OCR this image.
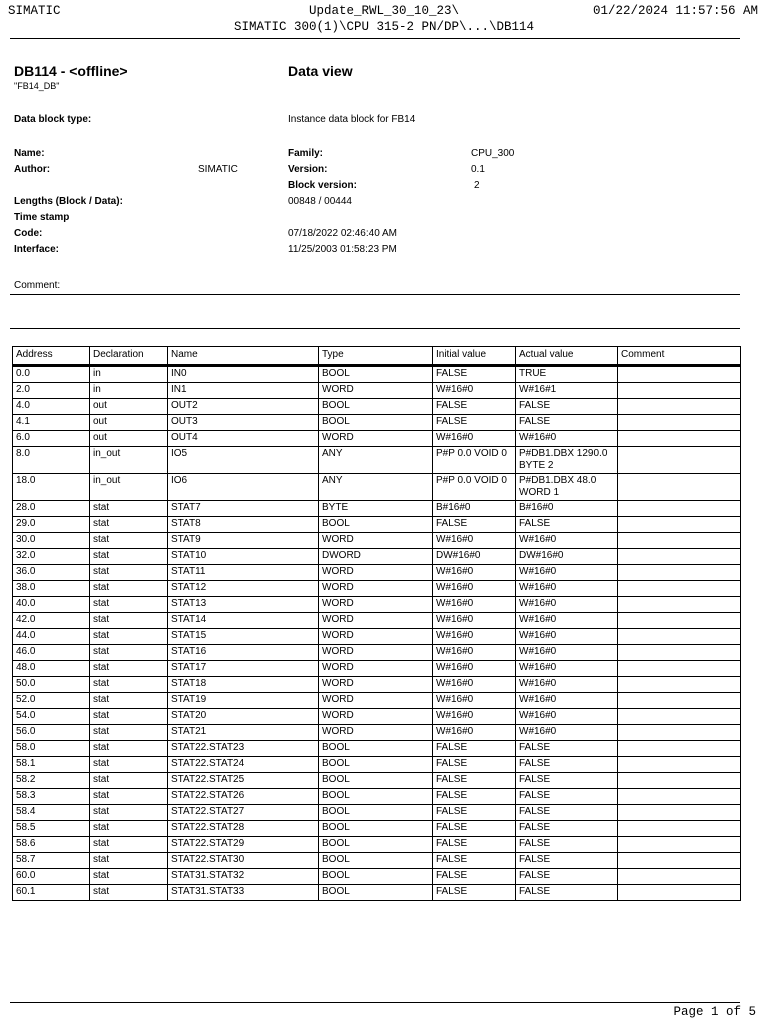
SIMATIC	Update_RWL_30_10_23\
SIMATIC 300(1)\CPU 315-2 PN/DP\...\DB114
01/22/2024 11:57:56 AM
DB114 - <offline>
"FB14_DB"
Data view
Data block type:	Instance data block for FB14
Name:	Family:	CPU_300
Author:	SIMATIC	Version:	0.1
Block version:	2
Lengths (Block / Data):	00848 / 00444
Time stamp
Code:	07/18/2022 02:46:40 AM
Interface:	11/25/2003 01:58:23 PM
Comment:
Address	Declaration	Name	Type	Initial value	Actual value	Comment
0.0	in	IN0	BOOL	FALSE	TRUE	
2.0	in	IN1	WORD	W#16#0	W#16#1	
4.0	out	OUT2	BOOL	FALSE	FALSE	
4.1	out	OUT3	BOOL	FALSE	FALSE	
6.0	out	OUT4	WORD	W#16#0	W#16#0	
8.0	in_out	IO5	ANY	P#P 0.0 VOID 0	P#DB1.DBX 1290.0 BYTE 2	
18.0	in_out	IO6	ANY	P#P 0.0 VOID 0	P#DB1.DBX 48.0 WORD 1	
28.0	stat	STAT7	BYTE	B#16#0	B#16#0	
29.0	stat	STAT8	BOOL	FALSE	FALSE	
30.0	stat	STAT9	WORD	W#16#0	W#16#0	
32.0	stat	STAT10	DWORD	DW#16#0	DW#16#0	
36.0	stat	STAT11	WORD	W#16#0	W#16#0	
38.0	stat	STAT12	WORD	W#16#0	W#16#0	
40.0	stat	STAT13	WORD	W#16#0	W#16#0	
42.0	stat	STAT14	WORD	W#16#0	W#16#0	
44.0	stat	STAT15	WORD	W#16#0	W#16#0	
46.0	stat	STAT16	WORD	W#16#0	W#16#0	
48.0	stat	STAT17	WORD	W#16#0	W#16#0	
50.0	stat	STAT18	WORD	W#16#0	W#16#0	
52.0	stat	STAT19	WORD	W#16#0	W#16#0	
54.0	stat	STAT20	WORD	W#16#0	W#16#0	
56.0	stat	STAT21	WORD	W#16#0	W#16#0	
58.0	stat	STAT22.STAT23	BOOL	FALSE	FALSE	
58.1	stat	STAT22.STAT24	BOOL	FALSE	FALSE	
58.2	stat	STAT22.STAT25	BOOL	FALSE	FALSE	
58.3	stat	STAT22.STAT26	BOOL	FALSE	FALSE	
58.4	stat	STAT22.STAT27	BOOL	FALSE	FALSE	
58.5	stat	STAT22.STAT28	BOOL	FALSE	FALSE	
58.6	stat	STAT22.STAT29	BOOL	FALSE	FALSE	
58.7	stat	STAT22.STAT30	BOOL	FALSE	FALSE	
60.0	stat	STAT31.STAT32	BOOL	FALSE	FALSE	
60.1	stat	STAT31.STAT33	BOOL	FALSE	FALSE	
Page 1 of 5
